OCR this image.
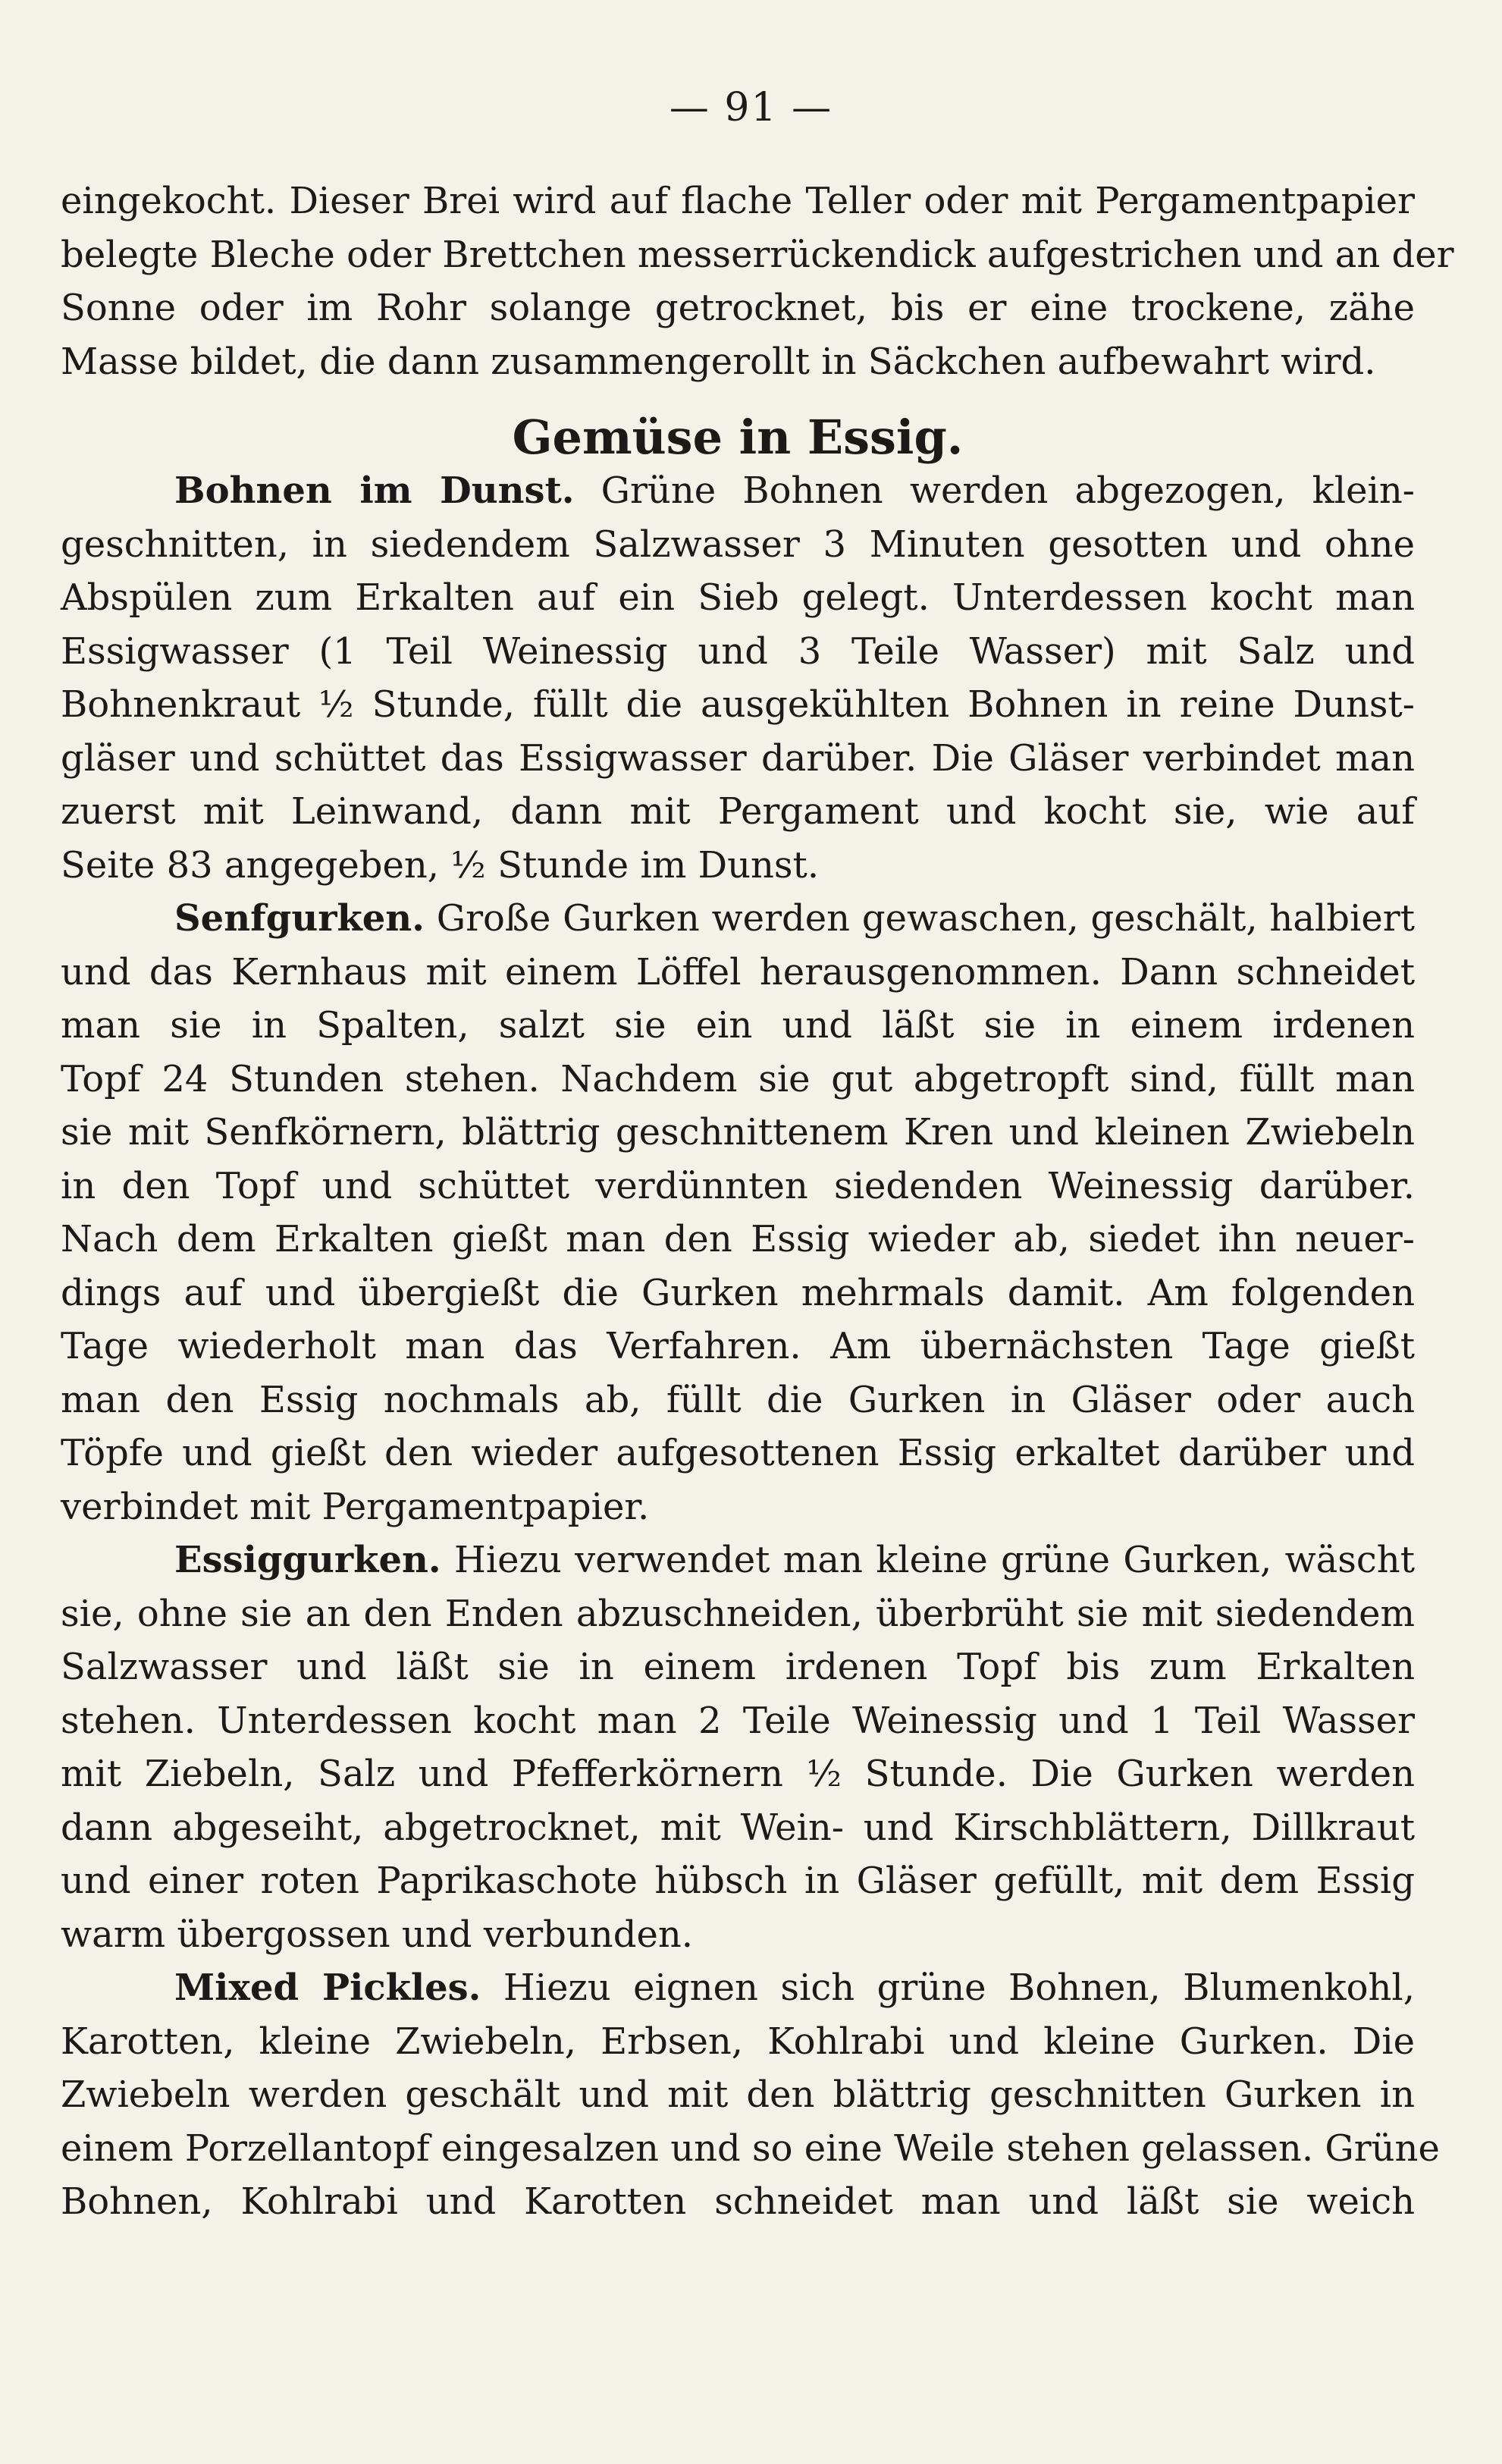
— 91 —
eingekocht. Dieser Brei wird auf flache Teller oder mit Pergamentpapier
belegte Bleche oder Brettchen messerrückendick aufgestrichen und an der
Sonne oder im Rohr solange getrocknet, bis er eine trockene, zähe
Masse bildet, die dann zusammengerollt in Säckchen aufbewahrt wird.
Gemüse in Essig.
Bohnen im Dunst. Grüne Bohnen werden abgezogen, klein-
geschnitten, in siedendem Salzwasser 3 Minuten gesotten und ohne
Abspülen zum Erkalten auf ein Sieb gelegt. Unterdessen kocht man
Essigwasser (1 Teil Weinessig und 3 Teile Wasser) mit Salz und
Bohnenkraut ½ Stunde, füllt die ausgekühlten Bohnen in reine Dunst-
gläser und schüttet das Essigwasser darüber. Die Gläser verbindet man
zuerst mit Leinwand, dann mit Pergament und kocht sie, wie auf
Seite 83 angegeben, ½ Stunde im Dunst.
Senfgurken. Große Gurken werden gewaschen, geschält, halbiert
und das Kernhaus mit einem Löffel herausgenommen. Dann schneidet
man sie in Spalten, salzt sie ein und läßt sie in einem irdenen
Topf 24 Stunden stehen. Nachdem sie gut abgetropft sind, füllt man
sie mit Senfkörnern, blättrig geschnittenem Kren und kleinen Zwiebeln
in den Topf und schüttet verdünnten siedenden Weinessig darüber.
Nach dem Erkalten gießt man den Essig wieder ab, siedet ihn neuer-
dings auf und übergießt die Gurken mehrmals damit. Am folgenden
Tage wiederholt man das Verfahren. Am übernächsten Tage gießt
man den Essig nochmals ab, füllt die Gurken in Gläser oder auch
Töpfe und gießt den wieder aufgesottenen Essig erkaltet darüber und
verbindet mit Pergamentpapier.
Essiggurken. Hiezu verwendet man kleine grüne Gurken, wäscht
sie, ohne sie an den Enden abzuschneiden, überbrüht sie mit siedendem
Salzwasser und läßt sie in einem irdenen Topf bis zum Erkalten
stehen. Unterdessen kocht man 2 Teile Weinessig und 1 Teil Wasser
mit Ziebeln, Salz und Pfefferkörnern ½ Stunde. Die Gurken werden
dann abgeseiht, abgetrocknet, mit Wein- und Kirschblättern, Dillkraut
und einer roten Paprikaschote hübsch in Gläser gefüllt, mit dem Essig
warm übergossen und verbunden.
Mixed Pickles. Hiezu eignen sich grüne Bohnen, Blumenkohl,
Karotten, kleine Zwiebeln, Erbsen, Kohlrabi und kleine Gurken. Die
Zwiebeln werden geschält und mit den blättrig geschnitten Gurken in
einem Porzellantopf eingesalzen und so eine Weile stehen gelassen. Grüne
Bohnen, Kohlrabi und Karotten schneidet man und läßt sie weich
